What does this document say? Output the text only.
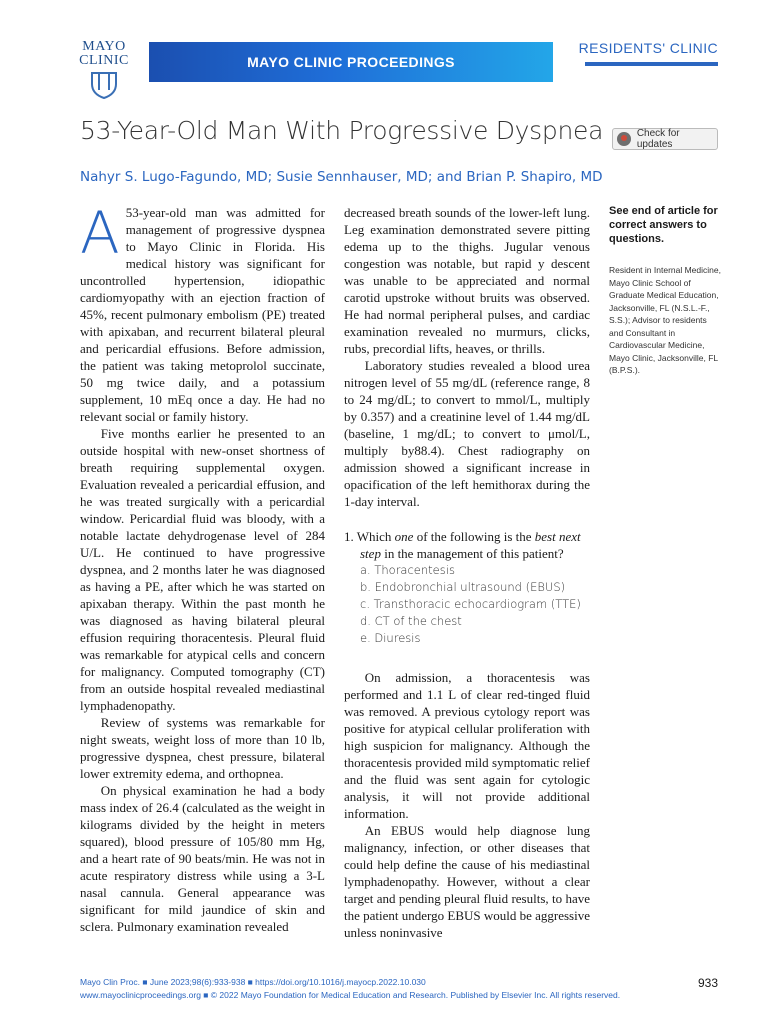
MAYO
CLINIC	MAYO CLINIC PROCEEDINGS
RESIDENTS' CLINIC
53-Year-Old Man With Progressive Dyspnea	Check for updates
Nahyr S. Lugo-Fagundo, MD; Susie Sennhauser, MD; and Brian P. Shapiro, MD

A 53-year-old man was admitted for management of progressive dyspnea to Mayo Clinic in Florida. His medical history was significant for uncontrolled hypertension, idiopathic cardiomyopathy with an ejection fraction of 45%, recent pulmonary embolism (PE) treated with apixaban, and recurrent bilateral pleural and pericardial effusions. Before admission, the patient was taking metoprolol succinate, 50 mg twice daily, and a potassium supplement, 10 mEq once a day. He had no relevant social or family history.

Five months earlier he presented to an outside hospital with new-onset shortness of breath requiring supplemental oxygen. Evaluation revealed a pericardial effusion, and he was treated surgically with a pericardial window. Pericardial fluid was bloody, with a notable lactate dehydrogenase level of 284 U/L. He continued to have progressive dyspnea, and 2 months later he was diagnosed as having a PE, after which he was started on apixaban therapy. Within the past month he was diagnosed as having bilateral pleural effusion requiring thoracentesis. Pleural fluid was remarkable for atypical cells and concern for malignancy. Computed tomography (CT) from an outside hospital revealed mediastinal lymphadenopathy.

Review of systems was remarkable for night sweats, weight loss of more than 10 lb, progressive dyspnea, chest pressure, bilateral lower extremity edema, and orthopnea.

On physical examination he had a body mass index of 26.4 (calculated as the weight in kilograms divided by the height in meters squared), blood pressure of 105/80 mm Hg, and a heart rate of 90 beats/min. He was not in acute respiratory distress while using a 3-L nasal cannula. General appearance was significant for mild jaundice of skin and sclera. Pulmonary examination revealed

decreased breath sounds of the lower-left lung. Leg examination demonstrated severe pitting edema up to the thighs. Jugular venous congestion was notable, but rapid y descent was unable to be appreciated and normal carotid upstroke without bruits was observed. He had normal peripheral pulses, and cardiac examination revealed no murmurs, clicks, rubs, precordial lifts, heaves, or thrills.

Laboratory studies revealed a blood urea nitrogen level of 55 mg/dL (reference range, 8 to 24 mg/dL; to convert to mmol/L, multiply by 0.357) and a creatinine level of 1.44 mg/dL (baseline, 1 mg/dL; to convert to μmol/L, multiply by88.4). Chest radiography on admission showed a significant increase in opacification of the left hemithorax during the 1-day interval.

1. Which one of the following is the best next step in the management of this patient?

a. Thoracentesis
b. Endobronchial ultrasound (EBUS)
c. Transthoracic echocardiogram (TTE)
d. CT of the chest
e. Diuresis

On admission, a thoracentesis was performed and 1.1 L of clear red-tinged fluid was removed. A previous cytology report was positive for atypical cellular proliferation with high suspicion for malignancy. Although the thoracentesis provided mild symptomatic relief and the fluid was sent again for cytologic analysis, it will not provide additional information.

An EBUS would help diagnose lung malignancy, infection, or other diseases that could help define the cause of his mediastinal lymphadenopathy. However, without a clear target and pending pleural fluid results, to have the patient undergo EBUS would be aggressive unless noninvasive

See end of article for correct answers to questions.

Resident in Internal Medicine, Mayo Clinic School of Graduate Medical Education, Jacksonville, FL (N.S.L.-F., S.S.); Advisor to residents and Consultant in Cardiovascular Medicine, Mayo Clinic, Jacksonville, FL (B.P.S.).
Mayo Clin Proc. ■ June 2023;98(6):933-938 ■ https://doi.org/10.1016/j.mayocp.2022.10.030
www.mayoclinicproceedings.org ■ © 2022 Mayo Foundation for Medical Education and Research. Published by Elsevier Inc. All rights reserved.
933
